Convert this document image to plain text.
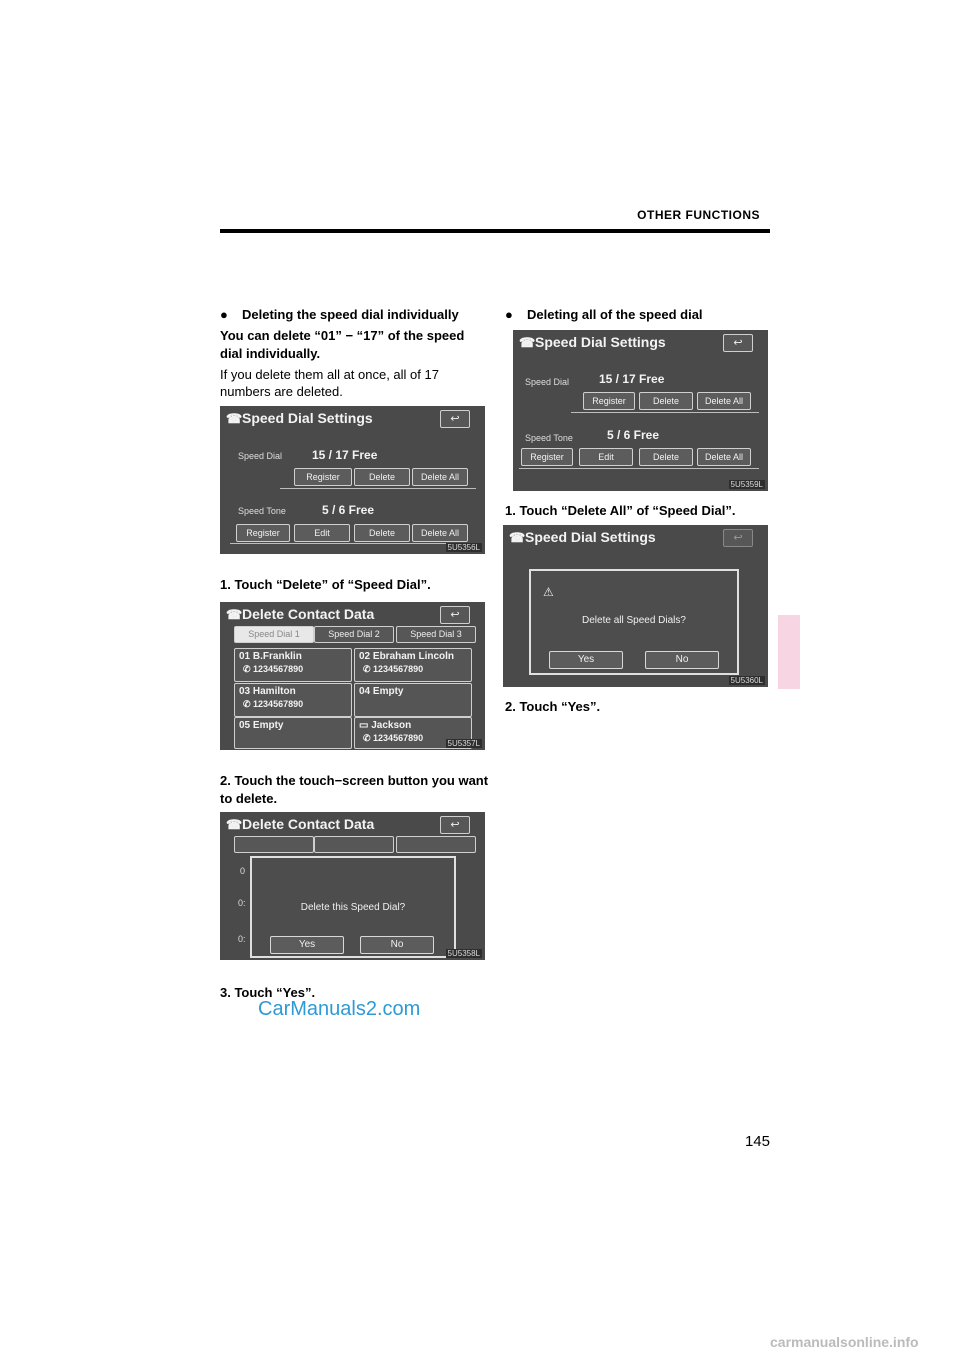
OTHER FUNCTIONS
● Deleting the speed dial individually
You can delete “01” − “17” of the speed dial individually.
If you delete them all at once, all of 17 numbers are deleted.
☎Speed Dial Settings	↩
Speed Dial 15 / 17 Free
Register	Delete	Delete All
Speed Tone	5 / 6 Free
Register	Edit	Delete	Delete All
5U5356L
1. Touch “Delete” of “Speed Dial”.
☎Delete Contact Data	↩
Speed Dial 1	Speed Dial 2	Speed Dial 3
01 B.Franklin
✆ 1234567890
02 Ebraham Lincoln
✆ 1234567890
03 Hamilton
✆ 1234567890
04 Empty
05 Empty	▭ Jackson
✆ 1234567890
5U5357L
2. Touch the touch−screen button you want to delete.
☎Delete Contact Data	↩
0
0:
0:
Delete this Speed Dial?
Yes	No
5U5358L
3. Touch “Yes”.
CarManuals2.com
● Deleting all of the speed dial
☎Speed Dial Settings	↩
Speed Dial 15 / 17 Free
Register	Delete	Delete All
Speed Tone	5 / 6 Free
Register	Edit	Delete	Delete All
5U5359L
1. Touch “Delete All” of “Speed Dial”.
☎Speed Dial Settings	↩
⚠
Delete all Speed Dials?
Yes	No
5U5360L
2. Touch “Yes”.
145
carmanualsonline.info
